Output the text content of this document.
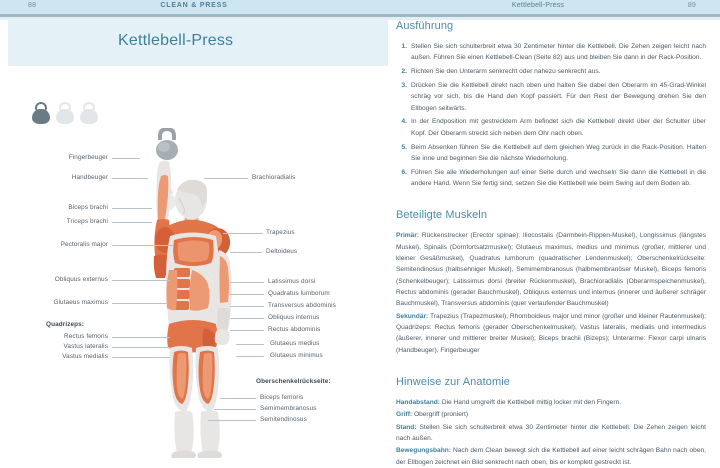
88	CLEAN & PRESS	Kettlebell-Press	89
Kettlebell-Press
Fingerbeuger
Handbeuger
Biceps brachi
Triceps brachi
Pectoralis major
Obliquus externus
Glutaeus maximus
Quadrizeps:
Rectus femoris
Vastus lateralis
Vastus medialis
Brachioradialis
Trapezius
Deltoideus
Latissimus dorsi
Quadratus lumborum
Transversus abdominis
Obliquus internus
Rectus abdominis
Glutaeus medius
Glutaeus minimus
Oberschenkelrückseite:
Biceps femoris
Semimembranosus
Semitendinosus
Ausführung
1. Stellen Sie sich schulterbreit etwa 30 Zentimeter hinter die Kettlebell. Die Zehen zeigen leicht nach außen. Führen Sie einen Kettlebell-Clean (Seite 82) aus und bleiben Sie dann in der Rack-Position.
2. Richten Sie den Unterarm senkrecht oder nahezu senkrecht aus.
3. Drücken Sie die Kettlebell direkt nach oben und halten Sie dabei den Oberarm im 45-Grad-Winkel schräg vor sich, bis die Hand den Kopf passiert. Für den Rest der Bewegung drehen Sie den Ellbogen seitwärts.
4. In der Endposition mit gestrecktem Arm befindet sich die Kettlebell direkt über der Schulter über Kopf. Der Oberarm streckt sich neben dem Ohr nach oben.
5. Beim Absenken führen Sie die Kettlebell auf dem gleichen Weg zurück in die Rack-Position. Halten Sie inne und beginnen Sie die nächste Wiederholung.
6. Führen Sie alle Wiederholungen auf einer Seite durch und wechseln Sie dann die Kettlebell in die andere Hand. Wenn Sie fertig sind, setzen Sie die Kettlebell wie beim Swing auf dem Boden ab.
Beteiligte Muskeln

Primär: Rückenstrecker (Erector spinae): Iliocostalis (Darmbein-Rippen-Muskel), Longissimus (längstes Muskel), Spinalis (Dornfortsatzmuskel); Glutaeus maximus, medius und minimus (großer, mittlerer und kleiner Gesäßmuskel), Quadratus lumborum (quadratischer Lendenmuskel); Oberschenkelrückseite: Semitendinosus (halbsehniger Muskel), Semimembranosus (halbmembranöser Muskel), Biceps femoris (Schenkelbeuger); Latissimus dorsi (breiter Rückenmuskel), Brachioradialis (Oberarmspeichenmuskel), Rectus abdominis (gerader Bauchmuskel), Obliquus externus und internus (innerer und äußerer schräger Bauchmuskel), Transversus abdominis (quer verlaufender Bauchmuskel)

Sekundär: Trapezius (Trapezmuskel), Rhomboideus major und minor (großer und kleiner Rautenmuskel); Quadrizeps: Rectus femoris (gerader Oberschenkelmuskel), Vastus lateralis, medialis und intermedius (äußerer, innerer und mittlerer breiter Muskel); Biceps brachii (Bizeps); Unterarme: Flexor carpi ulnaris (Handbeuger), Fingerbeuger

Hinweise zur Anatomie

Handabstand: Die Hand umgreift die Kettlebell mittig locker mit den Fingern.

Griff: Obergriff (proniert)

Stand: Stellen Sie sich schulterbreit etwa 30 Zentimeter hinter die Kettlebell. Die Zehen zeigen leicht nach außen.

Bewegungsbahn: Nach dem Clean bewegt sich die Kettlebell auf einer leicht schrägen Bahn nach oben, der Ellbogen zeichnet ein Bild senkrecht nach oben, bis er komplett gestreckt ist.
